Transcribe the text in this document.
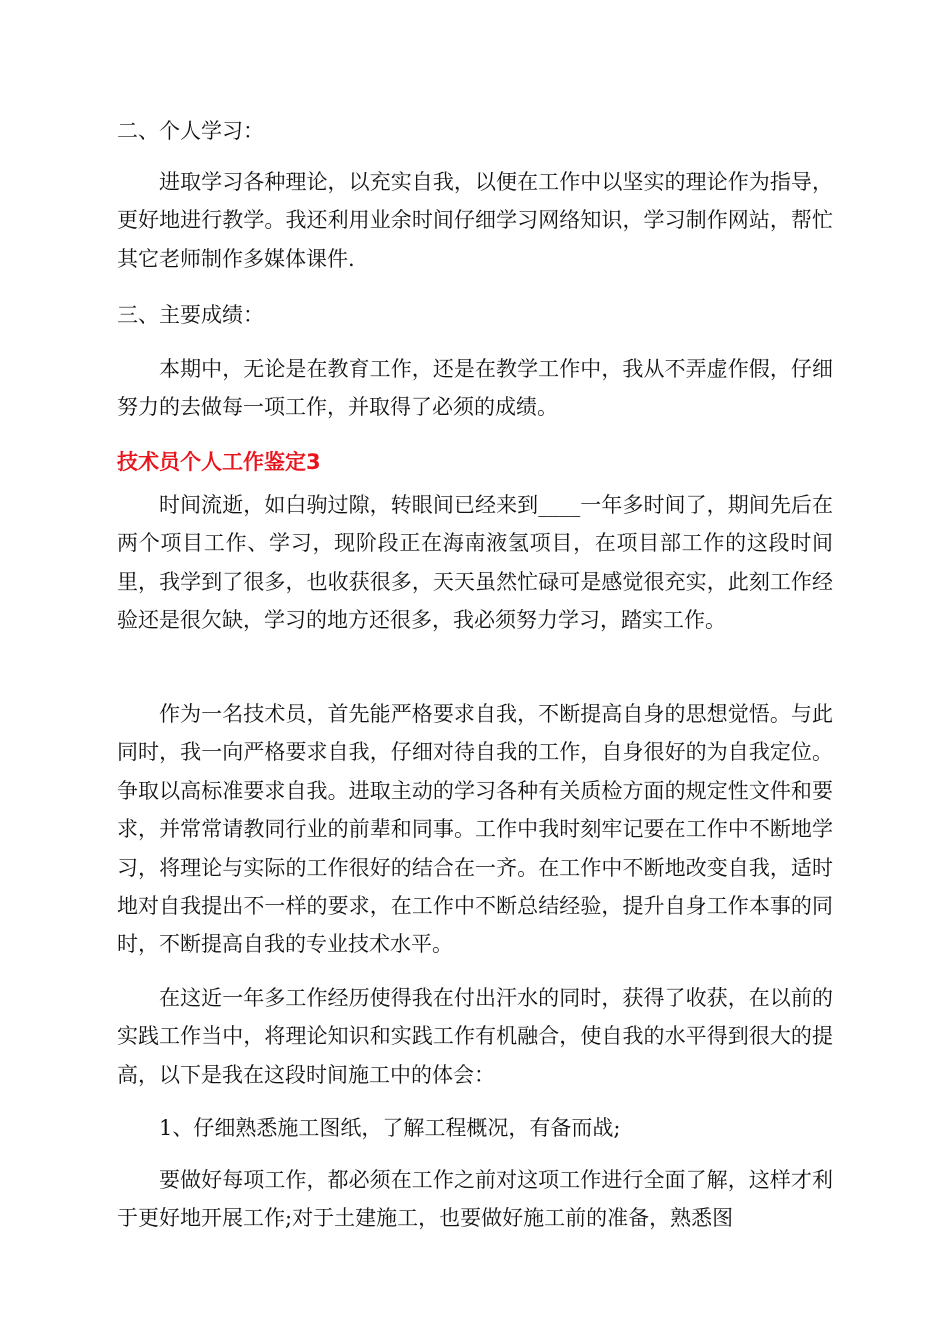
二、个人学习：

进取学习各种理论，以充实自我，以便在工作中以坚实的理论作为指导，更好地进行教学。我还利用业余时间仔细学习网络知识，学习制作网站，帮忙其它老师制作多媒体课件.

三、主要成绩：

本期中，无论是在教育工作，还是在教学工作中，我从不弄虚作假，仔细努力的去做每一项工作，并取得了必须的成绩。

技术员个人工作鉴定3

时间流逝，如白驹过隙，转眼间已经来到____一年多时间了，期间先后在两个项目工作、学习，现阶段正在海南液氢项目，在项目部工作的这段时间里，我学到了很多，也收获很多，天天虽然忙碌可是感觉很充实，此刻工作经验还是很欠缺，学习的地方还很多，我必须努力学习，踏实工作。

作为一名技术员，首先能严格要求自我，不断提高自身的思想觉悟。与此同时，我一向严格要求自我，仔细对待自我的工作，自身很好的为自我定位。争取以高标准要求自我。进取主动的学习各种有关质检方面的规定性文件和要求，并常常请教同行业的前辈和同事。工作中我时刻牢记要在工作中不断地学习，将理论与实际的工作很好的结合在一齐。在工作中不断地改变自我，适时地对自我提出不一样的要求，在工作中不断总结经验，提升自身工作本事的同时，不断提高自我的专业技术水平。

在这近一年多工作经历使得我在付出汗水的同时，获得了收获，在以前的实践工作当中，将理论知识和实践工作有机融合，使自我的水平得到很大的提高，以下是我在这段时间施工中的体会：

1、仔细熟悉施工图纸，了解工程概况，有备而战;

要做好每项工作，都必须在工作之前对这项工作进行全面了解，这样才利于更好地开展工作;对于土建施工，也要做好施工前的准备，熟悉图
